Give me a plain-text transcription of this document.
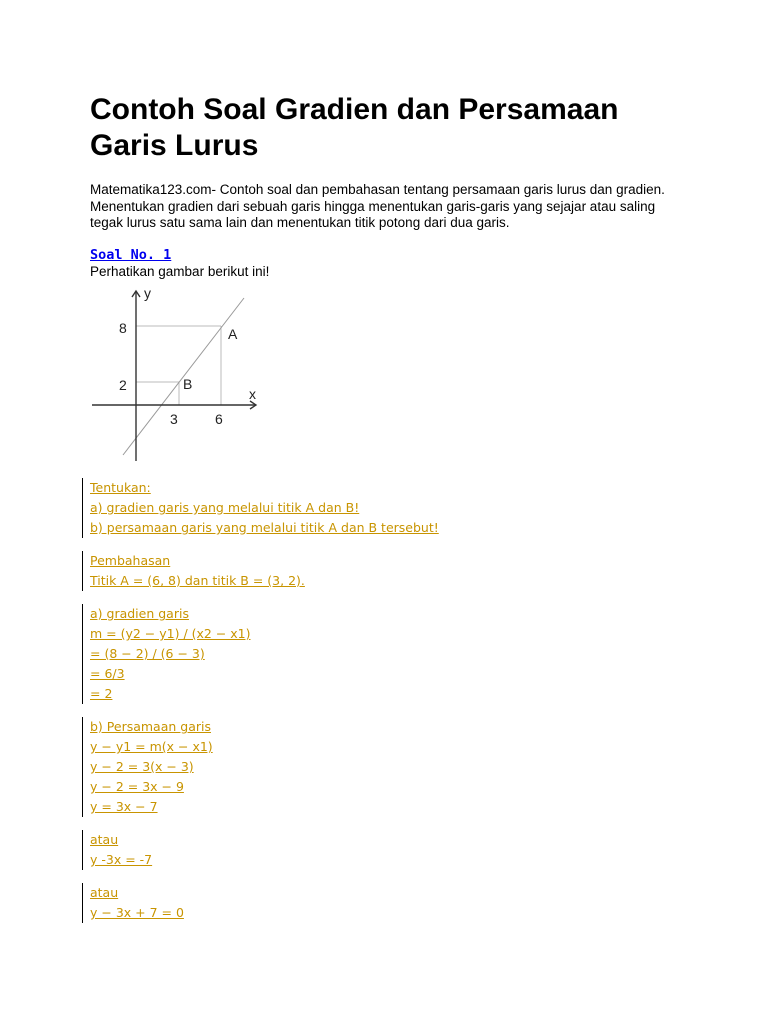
Contoh Soal Gradien dan Persamaan Garis Lurus
Matematika123.com- Contoh soal dan pembahasan tentang persamaan garis lurus dan gradien. Menentukan gradien dari sebuah garis hingga menentukan garis-garis yang sejajar atau saling tegak lurus satu sama lain dan menentukan titik potong dari dua garis.
Soal No. 1
Perhatikan gambar berikut ini!
y
x
8
2
3	6
A
B
Tentukan:
a) gradien garis yang melalui titik A dan B!
b) persamaan garis yang melalui titik A dan B tersebut!
Pembahasan
Titik A = (6, 8) dan titik B = (3, 2).
a) gradien garis
m = (y2 − y1) / (x2 − x1)
= (8 − 2) / (6 − 3)
= 6/3
= 2
b) Persamaan garis
y − y1 = m(x − x1)
y − 2 = 3(x − 3)
y − 2 = 3x − 9
y = 3x − 7
atau
y -3x = -7
atau
y − 3x + 7 = 0
